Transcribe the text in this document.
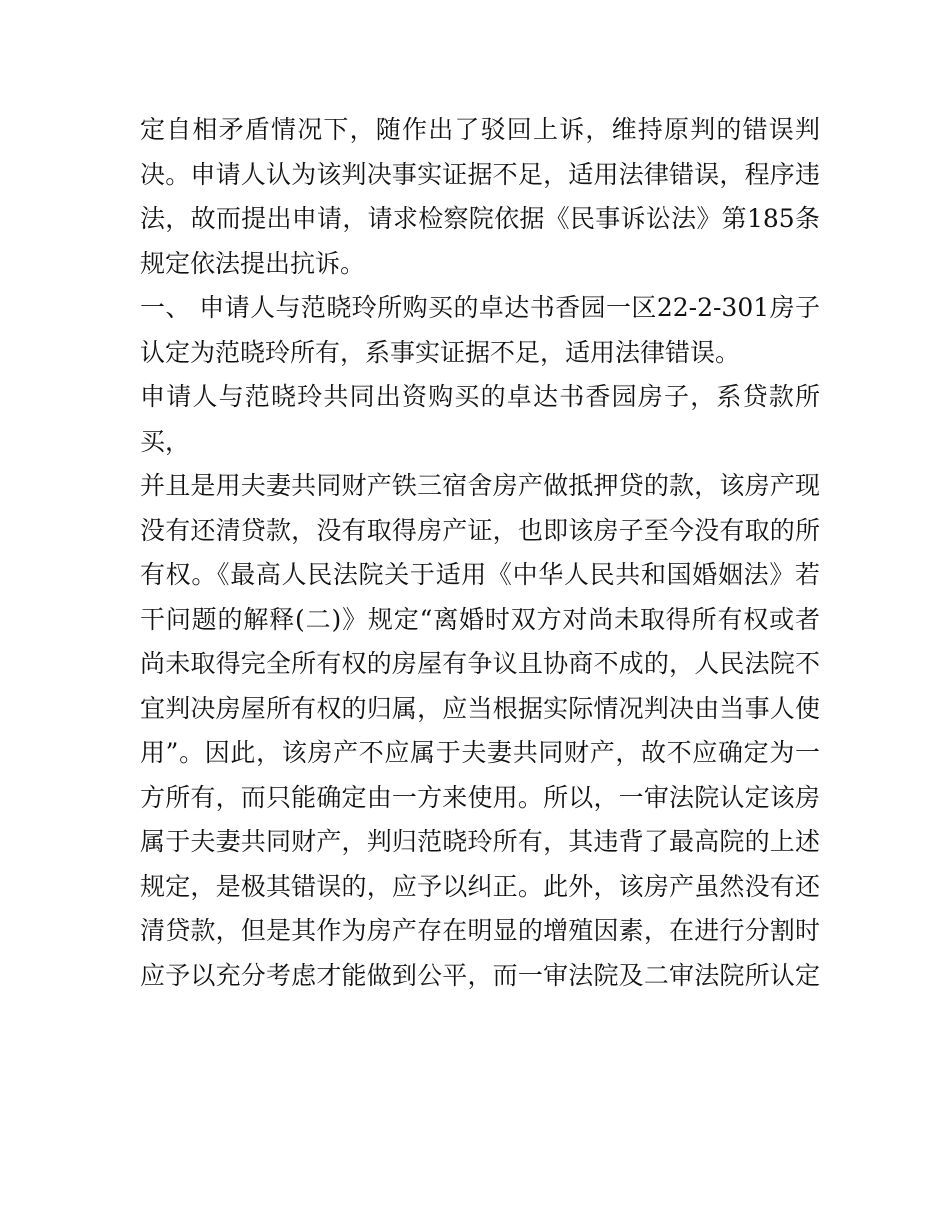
定自相矛盾情况下，随作出了驳回上诉，维持原判的错误判
决。申请人认为该判决事实证据不足，适用法律错误，程序违
法，故而提出申请，请求检察院依据《民事诉讼法》第185条
规定依法提出抗诉。
一、 申请人与范晓玲所购买的卓达书香园一区22-2-301房子
认定为范晓玲所有，系事实证据不足，适用法律错误。
申请人与范晓玲共同出资购买的卓达书香园房子，系贷款所
买，
并且是用夫妻共同财产铁三宿舍房产做抵押贷的款，该房产现
没有还清贷款，没有取得房产证，也即该房子至今没有取的所
有权。《最高人民法院关于适用《中华人民共和国婚姻法》若
干问题的解释(二)》规定“离婚时双方对尚未取得所有权或者
尚未取得完全所有权的房屋有争议且协商不成的，人民法院不
宜判决房屋所有权的归属，应当根据实际情况判决由当事人使
用”。因此，该房产不应属于夫妻共同财产，故不应确定为一
方所有，而只能确定由一方来使用。所以，一审法院认定该房
属于夫妻共同财产，判归范晓玲所有，其违背了最高院的上述
规定，是极其错误的，应予以纠正。此外，该房产虽然没有还
清贷款，但是其作为房产存在明显的增殖因素，在进行分割时
应予以充分考虑才能做到公平，而一审法院及二审法院所认定
